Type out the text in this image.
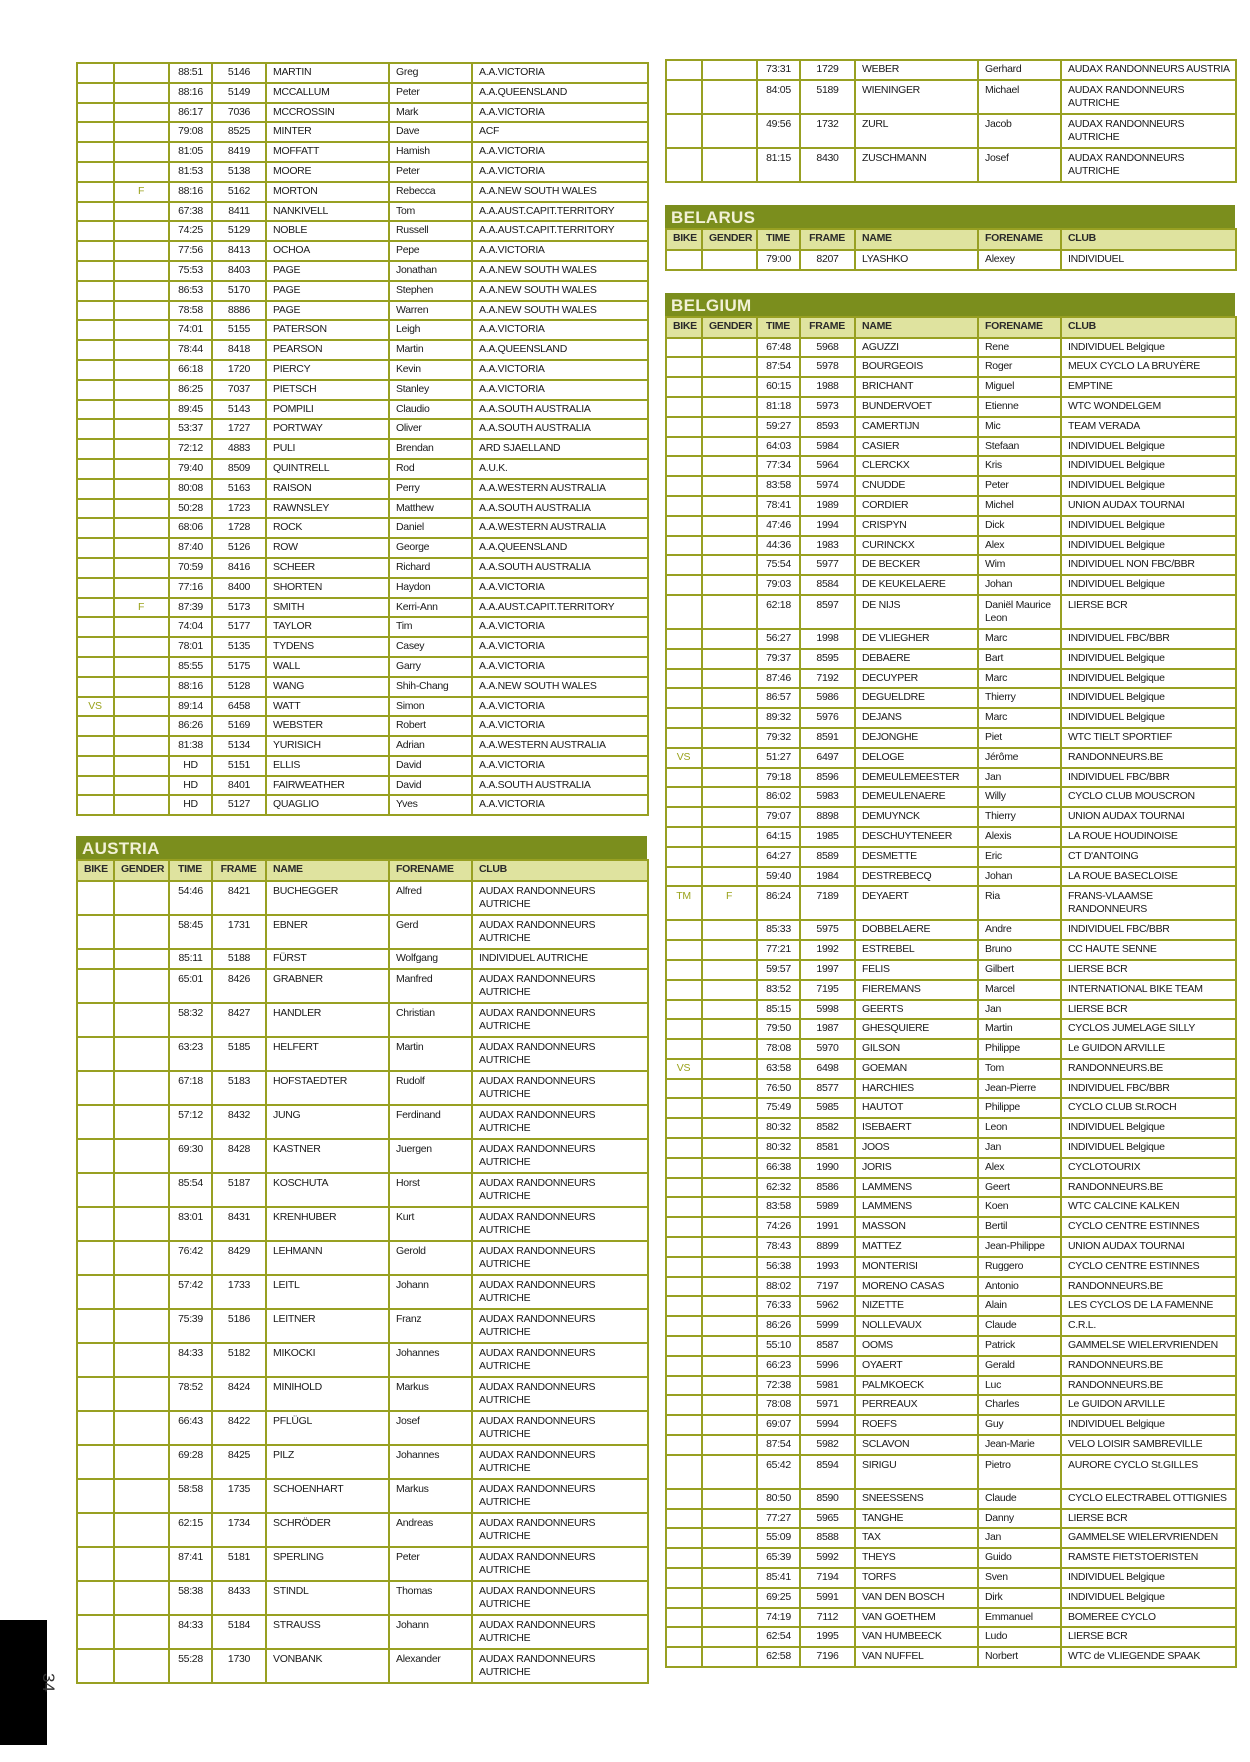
34
		88:51	5146	MARTIN	Greg	A.A.VICTORIA
		88:16	5149	MCCALLUM	Peter	A.A.QUEENSLAND
		86:17	7036	MCCROSSIN	Mark	A.A.VICTORIA
		79:08	8525	MINTER	Dave	ACF
		81:05	8419	MOFFATT	Hamish	A.A.VICTORIA
		81:53	5138	MOORE	Peter	A.A.VICTORIA
	F	88:16	5162	MORTON	Rebecca	A.A.NEW SOUTH WALES
		67:38	8411	NANKIVELL	Tom	A.A.AUST.CAPIT.TERRITORY
		74:25	5129	NOBLE	Russell	A.A.AUST.CAPIT.TERRITORY
		77:56	8413	OCHOA	Pepe	A.A.VICTORIA
		75:53	8403	PAGE	Jonathan	A.A.NEW SOUTH WALES
		86:53	5170	PAGE	Stephen	A.A.NEW SOUTH WALES
		78:58	8886	PAGE	Warren	A.A.NEW SOUTH WALES
		74:01	5155	PATERSON	Leigh	A.A.VICTORIA
		78:44	8418	PEARSON	Martin	A.A.QUEENSLAND
		66:18	1720	PIERCY	Kevin	A.A.VICTORIA
		86:25	7037	PIETSCH	Stanley	A.A.VICTORIA
		89:45	5143	POMPILI	Claudio	A.A.SOUTH AUSTRALIA
		53:37	1727	PORTWAY	Oliver	A.A.SOUTH AUSTRALIA
		72:12	4883	PULI	Brendan	ARD SJAELLAND
		79:40	8509	QUINTRELL	Rod	A.U.K.
		80:08	5163	RAISON	Perry	A.A.WESTERN AUSTRALIA
		50:28	1723	RAWNSLEY	Matthew	A.A.SOUTH AUSTRALIA
		68:06	1728	ROCK	Daniel	A.A.WESTERN AUSTRALIA
		87:40	5126	ROW	George	A.A.QUEENSLAND
		70:59	8416	SCHEER	Richard	A.A.SOUTH AUSTRALIA
		77:16	8400	SHORTEN	Haydon	A.A.VICTORIA
	F	87:39	5173	SMITH	Kerri-Ann	A.A.AUST.CAPIT.TERRITORY
		74:04	5177	TAYLOR	Tim	A.A.VICTORIA
		78:01	5135	TYDENS	Casey	A.A.VICTORIA
		85:55	5175	WALL	Garry	A.A.VICTORIA
		88:16	5128	WANG	Shih-Chang	A.A.NEW SOUTH WALES
VS		89:14	6458	WATT	Simon	A.A.VICTORIA
		86:26	5169	WEBSTER	Robert	A.A.VICTORIA
		81:38	5134	YURISICH	Adrian	A.A.WESTERN AUSTRALIA
		HD	5151	ELLIS	David	A.A.VICTORIA
		HD	8401	FAIRWEATHER	David	A.A.SOUTH AUSTRALIA
		HD	5127	QUAGLIO	Yves	A.A.VICTORIA
AUSTRIA
BIKE	GENDER	TIME	FRAME	NAME	FORENAME	CLUB
		54:46	8421	BUCHEGGER	Alfred	AUDAX RANDONNEURS AUTRICHE
		58:45	1731	EBNER	Gerd	AUDAX RANDONNEURS AUTRICHE
		85:11	5188	FÜRST	Wolfgang	INDIVIDUEL AUTRICHE
		65:01	8426	GRABNER	Manfred	AUDAX RANDONNEURS AUTRICHE
		58:32	8427	HANDLER	Christian	AUDAX RANDONNEURS AUTRICHE
		63:23	5185	HELFERT	Martin	AUDAX RANDONNEURS AUTRICHE
		67:18	5183	HOFSTAEDTER	Rudolf	AUDAX RANDONNEURS AUTRICHE
		57:12	8432	JUNG	Ferdinand	AUDAX RANDONNEURS AUTRICHE
		69:30	8428	KASTNER	Juergen	AUDAX RANDONNEURS AUTRICHE
		85:54	5187	KOSCHUTA	Horst	AUDAX RANDONNEURS AUTRICHE
		83:01	8431	KRENHUBER	Kurt	AUDAX RANDONNEURS AUTRICHE
		76:42	8429	LEHMANN	Gerold	AUDAX RANDONNEURS AUTRICHE
		57:42	1733	LEITL	Johann	AUDAX RANDONNEURS AUTRICHE
		75:39	5186	LEITNER	Franz	AUDAX RANDONNEURS AUTRICHE
		84:33	5182	MIKOCKI	Johannes	AUDAX RANDONNEURS AUTRICHE
		78:52	8424	MINIHOLD	Markus	AUDAX RANDONNEURS AUTRICHE
		66:43	8422	PFLÜGL	Josef	AUDAX RANDONNEURS AUTRICHE
		69:28	8425	PILZ	Johannes	AUDAX RANDONNEURS AUTRICHE
		58:58	1735	SCHOENHART	Markus	AUDAX RANDONNEURS AUTRICHE
		62:15	1734	SCHRÖDER	Andreas	AUDAX RANDONNEURS AUTRICHE
		87:41	5181	SPERLING	Peter	AUDAX RANDONNEURS AUTRICHE
		58:38	8433	STINDL	Thomas	AUDAX RANDONNEURS AUTRICHE
		84:33	5184	STRAUSS	Johann	AUDAX RANDONNEURS AUTRICHE
		55:28	1730	VONBANK	Alexander	AUDAX RANDONNEURS AUTRICHE
		73:31	1729	WEBER	Gerhard	AUDAX RANDONNEURS AUSTRIA
		84:05	5189	WIENINGER	Michael	AUDAX RANDONNEURS AUTRICHE
		49:56	1732	ZURL	Jacob	AUDAX RANDONNEURS AUTRICHE
		81:15	8430	ZUSCHMANN	Josef	AUDAX RANDONNEURS AUTRICHE
BELARUS
BIKE	GENDER	TIME	FRAME	NAME	FORENAME	CLUB
		79:00	8207	LYASHKO	Alexey	INDIVIDUEL
BELGIUM
BIKE	GENDER	TIME	FRAME	NAME	FORENAME	CLUB
		67:48	5968	AGUZZI	Rene	INDIVIDUEL Belgique
		87:54	5978	BOURGEOIS	Roger	MEUX CYCLO LA BRUYÈRE
		60:15	1988	BRICHANT	Miguel	EMPTINE
		81:18	5973	BUNDERVOET	Etienne	WTC WONDELGEM
		59:27	8593	CAMERTIJN	Mic	TEAM VERADA
		64:03	5984	CASIER	Stefaan	INDIVIDUEL Belgique
		77:34	5964	CLERCKX	Kris	INDIVIDUEL Belgique
		83:58	5974	CNUDDE	Peter	INDIVIDUEL Belgique
		78:41	1989	CORDIER	Michel	UNION AUDAX TOURNAI
		47:46	1994	CRISPYN	Dick	INDIVIDUEL Belgique
		44:36	1983	CURINCKX	Alex	INDIVIDUEL Belgique
		75:54	5977	DE BECKER	Wim	INDIVIDUEL NON FBC/BBR
		79:03	8584	DE KEUKELAERE	Johan	INDIVIDUEL Belgique
		62:18	8597	DE NIJS	Daniël Maurice Leon	LIERSE BCR
		56:27	1998	DE VLIEGHER	Marc	INDIVIDUEL FBC/BBR
		79:37	8595	DEBAERE	Bart	INDIVIDUEL Belgique
		87:46	7192	DECUYPER	Marc	INDIVIDUEL Belgique
		86:57	5986	DEGUELDRE	Thierry	INDIVIDUEL Belgique
		89:32	5976	DEJANS	Marc	INDIVIDUEL Belgique
		79:32	8591	DEJONGHE	Piet	WTC TIELT SPORTIEF
VS		51:27	6497	DELOGE	Jérôme	RANDONNEURS.BE
		79:18	8596	DEMEULEMEESTER	Jan	INDIVIDUEL FBC/BBR
		86:02	5983	DEMEULENAERE	Willy	CYCLO CLUB MOUSCRON
		79:07	8898	DEMUYNCK	Thierry	UNION AUDAX TOURNAI
		64:15	1985	DESCHUYTENEER	Alexis	LA ROUE HOUDINOISE
		64:27	8589	DESMETTE	Eric	CT D'ANTOING
		59:40	1984	DESTREBECQ	Johan	LA ROUE BASECLOISE
TM	F	86:24	7189	DEYAERT	Ria	FRANS-VLAAMSE RANDONNEURS
		85:33	5975	DOBBELAERE	Andre	INDIVIDUEL FBC/BBR
		77:21	1992	ESTREBEL	Bruno	CC HAUTE SENNE
		59:57	1997	FELIS	Gilbert	LIERSE BCR
		83:52	7195	FIEREMANS	Marcel	INTERNATIONAL BIKE TEAM
		85:15	5998	GEERTS	Jan	LIERSE BCR
		79:50	1987	GHESQUIERE	Martin	CYCLOS JUMELAGE SILLY
		78:08	5970	GILSON	Philippe	Le GUIDON ARVILLE
VS		63:58	6498	GOEMAN	Tom	RANDONNEURS.BE
		76:50	8577	HARCHIES	Jean-Pierre	INDIVIDUEL FBC/BBR
		75:49	5985	HAUTOT	Philippe	CYCLO CLUB St.ROCH
		80:32	8582	ISEBAERT	Leon	INDIVIDUEL Belgique
		80:32	8581	JOOS	Jan	INDIVIDUEL Belgique
		66:38	1990	JORIS	Alex	CYCLOTOURIX
		62:32	8586	LAMMENS	Geert	RANDONNEURS.BE
		83:58	5989	LAMMENS	Koen	WTC CALCINE KALKEN
		74:26	1991	MASSON	Bertil	CYCLO CENTRE ESTINNES
		78:43	8899	MATTEZ	Jean-Philippe	UNION AUDAX TOURNAI
		56:38	1993	MONTERISI	Ruggero	CYCLO CENTRE ESTINNES
		88:02	7197	MORENO CASAS	Antonio	RANDONNEURS.BE
		76:33	5962	NIZETTE	Alain	LES CYCLOS DE LA FAMENNE
		86:26	5999	NOLLEVAUX	Claude	C.R.L.
		55:10	8587	OOMS	Patrick	GAMMELSE WIELERVRIENDEN
		66:23	5996	OYAERT	Gerald	RANDONNEURS.BE
		72:38	5981	PALMKOECK	Luc	RANDONNEURS.BE
		78:08	5971	PERREAUX	Charles	Le GUIDON ARVILLE
		69:07	5994	ROEFS	Guy	INDIVIDUEL Belgique
		87:54	5982	SCLAVON	Jean-Marie	VELO LOISIR SAMBREVILLE
		65:42	8594	SIRIGU	Pietro	AURORE CYCLO St.GILLES
		80:50	8590	SNEESSENS	Claude	CYCLO ELECTRABEL OTTIGNIES
		77:27	5965	TANGHE	Danny	LIERSE BCR
		55:09	8588	TAX	Jan	GAMMELSE WIELERVRIENDEN
		65:39	5992	THEYS	Guido	RAMSTE FIETSTOERISTEN
		85:41	7194	TORFS	Sven	INDIVIDUEL Belgique
		69:25	5991	VAN DEN BOSCH	Dirk	INDIVIDUEL Belgique
		74:19	7112	VAN GOETHEM	Emmanuel	BOMEREE CYCLO
		62:54	1995	VAN HUMBEECK	Ludo	LIERSE BCR
		62:58	7196	VAN NUFFEL	Norbert	WTC de VLIEGENDE SPAAK
